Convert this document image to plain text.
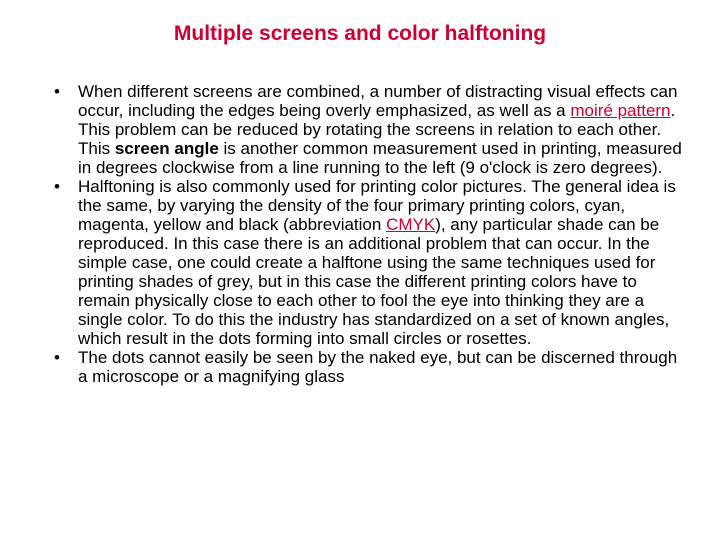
Multiple screens and color halftoning
•	When different screens are combined, a number of distracting visual effects can occur, including the edges being overly emphasized, as well as a moiré pattern. This problem can be reduced by rotating the screens in relation to each other. This screen angle is another common measurement used in printing, measured in degrees clockwise from a line running to the left (9 o'clock is zero degrees).
•	Halftoning is also commonly used for printing color pictures. The general idea is the same, by varying the density of the four primary printing colors, cyan, magenta, yellow and black (abbreviation CMYK), any particular shade can be reproduced. In this case there is an additional problem that can occur. In the simple case, one could create a halftone using the same techniques used for printing shades of grey, but in this case the different printing colors have to remain physically close to each other to fool the eye into thinking they are a single color. To do this the industry has standardized on a set of known angles, which result in the dots forming into small circles or rosettes.
•	The dots cannot easily be seen by the naked eye, but can be discerned through a microscope or a magnifying glass
